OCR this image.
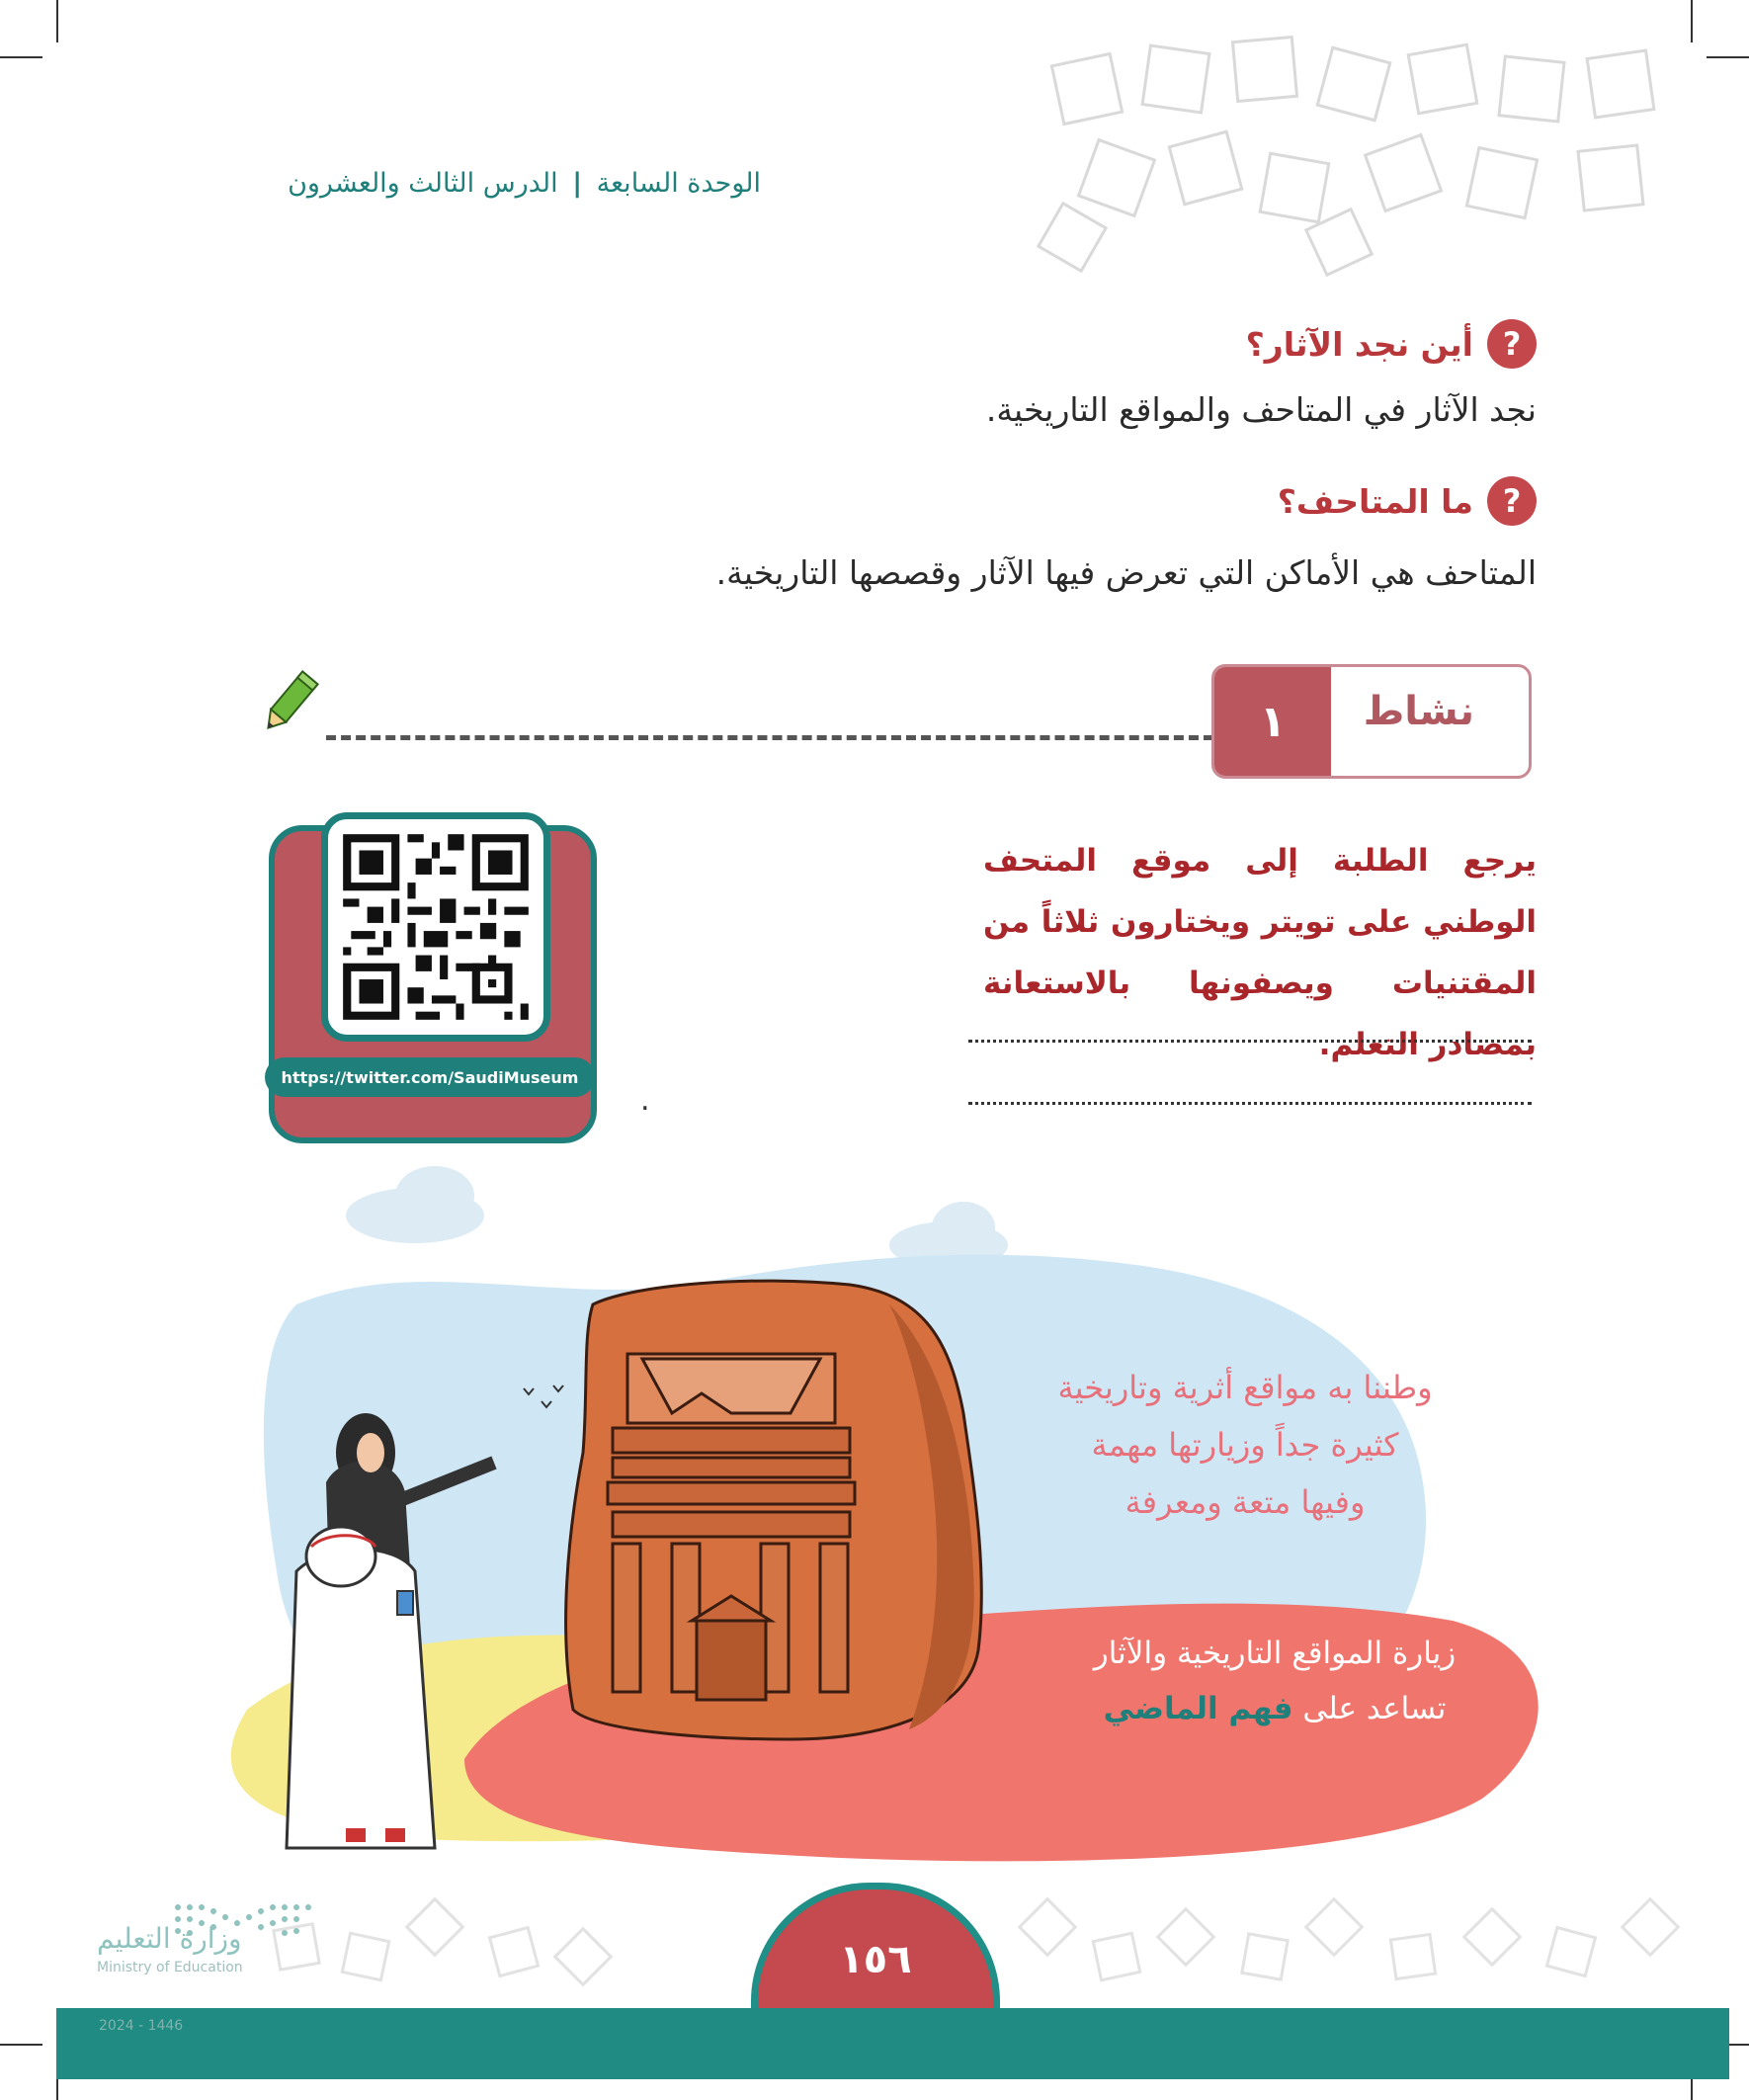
الوحدة السابعة | الدرس الثالث والعشرون
?
أين نجد الآثار؟
نجد الآثار في المتاحف والمواقع التاريخية.
?
ما المتاحف؟
المتاحف هي الأماكن التي تعرض فيها الآثار وقصصها التاريخية.
نشاط
١
يرجع الطلبة إلى موقع المتحف الوطني على تويتر ويختارون ثلاثاً من المقتنيات ويصفونها بالاستعانة بمصادر التعلم.
.
https://twitter.com/SaudiMuseum
وطننا به مواقع أثرية وتاريخية
كثيرة جداً وزيارتها مهمة
وفيها متعة ومعرفة
زيارة المواقع التاريخية والآثار
تساعد على فهم الماضي
وزارة التعليم
Ministry of Education	١٥٦
2024 - 1446
